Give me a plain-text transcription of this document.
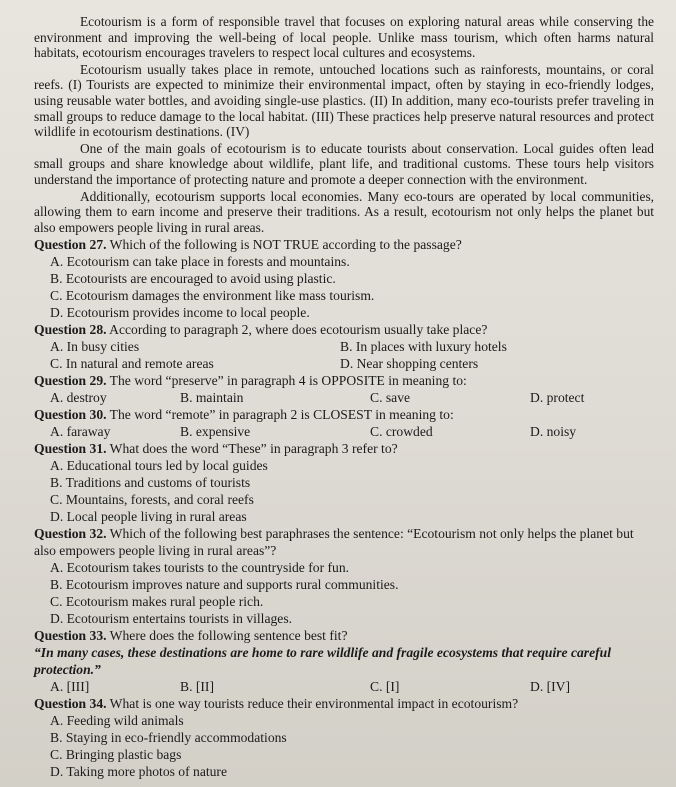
Ecotourism is a form of responsible travel that focuses on exploring natural areas while conserving the environment and improving the well-being of local people. Unlike mass tourism, which often harms natural habitats, ecotourism encourages travelers to respect local cultures and ecosystems.

Ecotourism usually takes place in remote, untouched locations such as rainforests, mountains, or coral reefs. (I) Tourists are expected to minimize their environmental impact, often by staying in eco-friendly lodges, using reusable water bottles, and avoiding single-use plastics. (II) In addition, many eco-tourists prefer traveling in small groups to reduce damage to the local habitat. (III) These practices help preserve natural resources and protect wildlife in ecotourism destinations. (IV)

One of the main goals of ecotourism is to educate tourists about conservation. Local guides often lead small groups and share knowledge about wildlife, plant life, and traditional customs. These tours help visitors understand the importance of protecting nature and promote a deeper connection with the environment.

Additionally, ecotourism supports local economies. Many eco-tours are operated by local communities, allowing them to earn income and preserve their traditions. As a result, ecotourism not only helps the planet but also empowers people living in rural areas.

Question 27. Which of the following is NOT TRUE according to the passage?

A. Ecotourism can take place in forests and mountains.

B. Ecotourists are encouraged to avoid using plastic.

C. Ecotourism damages the environment like mass tourism.

D. Ecotourism provides income to local people.

Question 28. According to paragraph 2, where does ecotourism usually take place?

A. In busy cities	B. In places with luxury hotels
C. In natural and remote areas	D. Near shopping centers

Question 29. The word “preserve” in paragraph 4 is OPPOSITE in meaning to:

A. destroy	B. maintain	C. save	D. protect

Question 30. The word “remote” in paragraph 2 is CLOSEST in meaning to:

A. faraway	B. expensive	C. crowded	D. noisy

Question 31. What does the word “These” in paragraph 3 refer to?

A. Educational tours led by local guides

B. Traditions and customs of tourists

C. Mountains, forests, and coral reefs

D. Local people living in rural areas

Question 32. Which of the following best paraphrases the sentence: “Ecotourism not only helps the planet but also empowers people living in rural areas”?

A. Ecotourism takes tourists to the countryside for fun.

B. Ecotourism improves nature and supports rural communities.

C. Ecotourism makes rural people rich.

D. Ecotourism entertains tourists in villages.

Question 33. Where does the following sentence best fit?

“In many cases, these destinations are home to rare wildlife and fragile ecosystems that require careful protection.”

A. [III]	B. [II]	C. [I]	D. [IV]

Question 34. What is one way tourists reduce their environmental impact in ecotourism?

A. Feeding wild animals

B. Staying in eco-friendly accommodations

C. Bringing plastic bags

D. Taking more photos of nature
